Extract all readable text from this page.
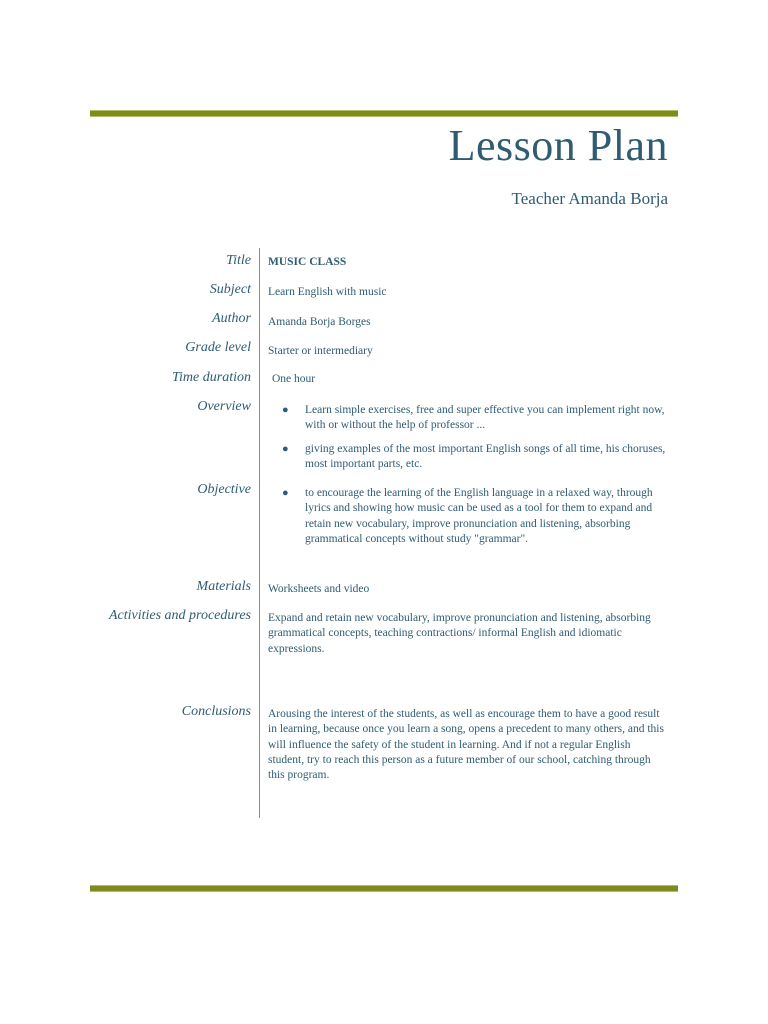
Lesson Plan

Teacher Amanda Borja

Title MUSIC CLASS
Subject Learn English with music
Author Amanda Borja Borges
Grade level Starter or intermediary
Time duration One hour
Overview	● Learn simple exercises, free and super effective you can implement right now, with or without the help of professor ...
● giving examples of the most important English songs of all time, his choruses, most important parts, etc.
Objective	● to encourage the learning of the English language in a relaxed way, through lyrics and showing how music can be used as a tool for them to expand and retain new vocabulary, improve pronunciation and listening, absorbing grammatical concepts without study "grammar".
Materials Worksheets and video
Activities and procedures Expand and retain new vocabulary, improve pronunciation and listening, absorbing grammatical concepts, teaching contractions/ informal English and idiomatic expressions.
Conclusions Arousing the interest of the students, as well as encourage them to have a good result in learning, because once you learn a song, opens a precedent to many others, and this will influence the safety of the student in learning. And if not a regular English student, try to reach this person as a future member of our school, catching through this program.
